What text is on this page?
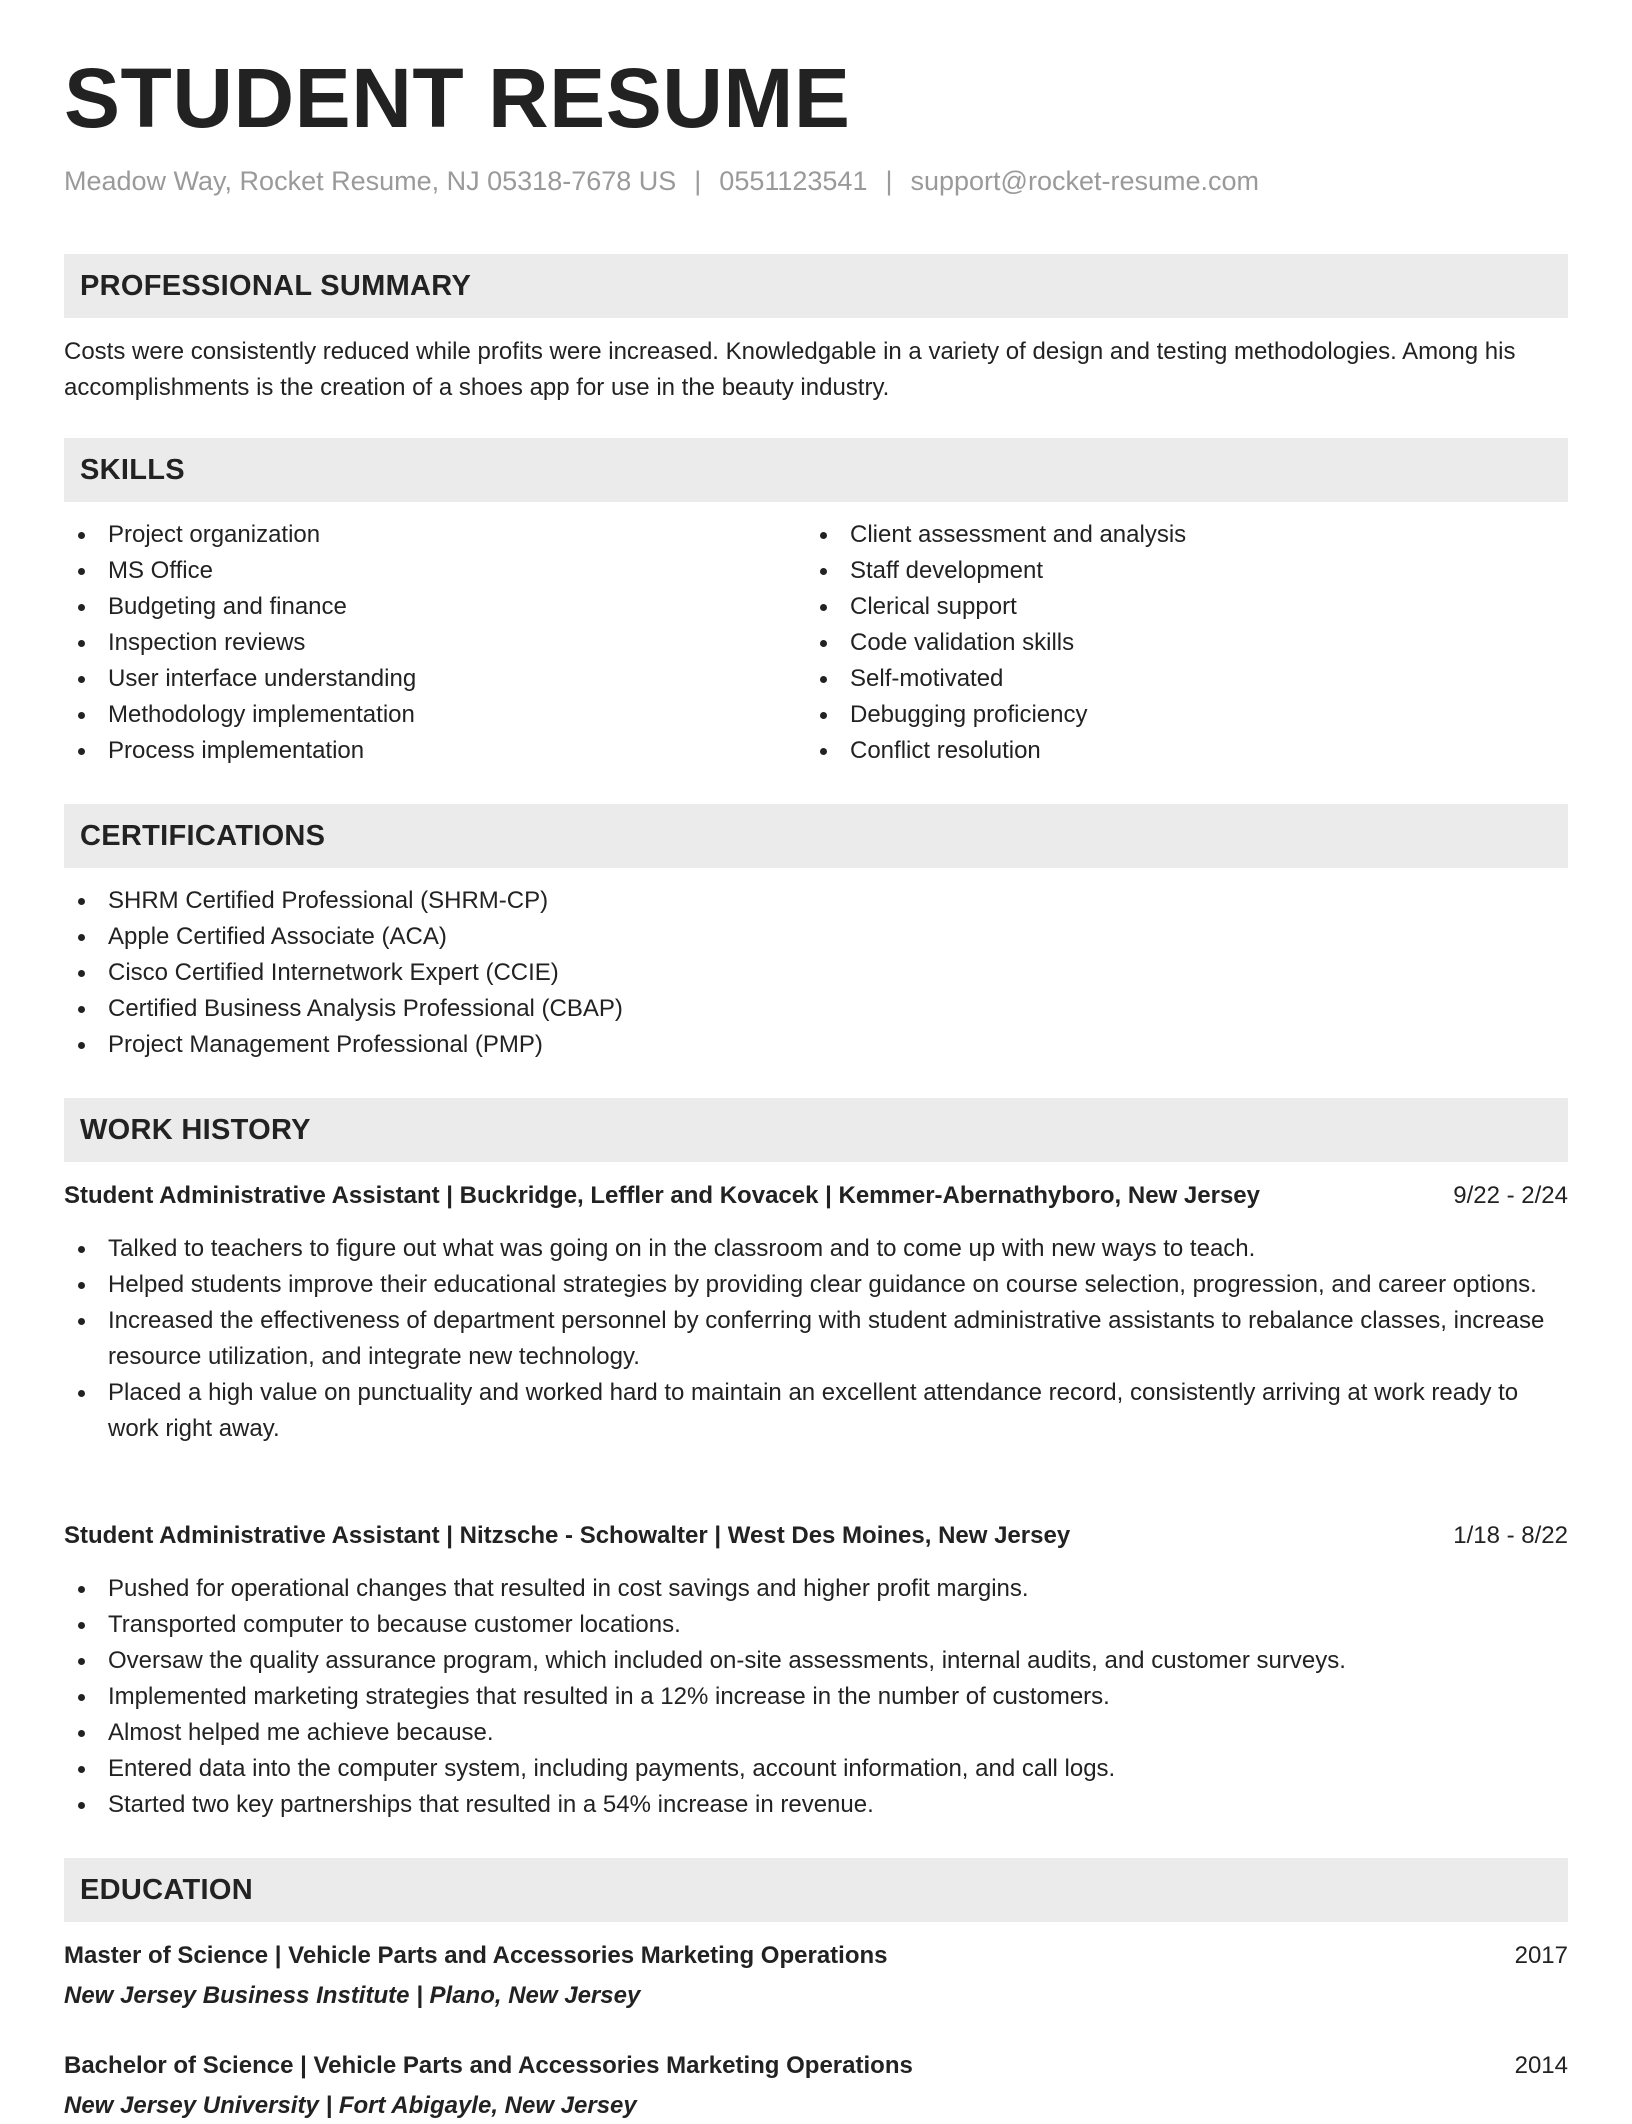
STUDENT RESUME
Meadow Way, Rocket Resume, NJ 05318-7678 US | 0551123541 | support@rocket-resume.com
PROFESSIONAL SUMMARY

Costs were consistently reduced while profits were increased. Knowledgable in a variety of design and testing methodologies. Among his accomplishments is the creation of a shoes app for use in the beauty industry.

SKILLS
Project organization
MS Office
Budgeting and finance
Inspection reviews
User interface understanding
Methodology implementation
Process implementation
Client assessment and analysis
Staff development
Clerical support
Code validation skills
Self-motivated
Debugging proficiency
Conflict resolution
CERTIFICATIONS
SHRM Certified Professional (SHRM-CP)
Apple Certified Associate (ACA)
Cisco Certified Internetwork Expert (CCIE)
Certified Business Analysis Professional (CBAP)
Project Management Professional (PMP)
WORK HISTORY
Student Administrative Assistant | Buckridge, Leffler and Kovacek | Kemmer-Abernathyboro, New Jersey	9/22 - 2/24
Talked to teachers to figure out what was going on in the classroom and to come up with new ways to teach.
Helped students improve their educational strategies by providing clear guidance on course selection, progression, and career options.
Increased the effectiveness of department personnel by conferring with student administrative assistants to rebalance classes, increase resource utilization, and integrate new technology.
Placed a high value on punctuality and worked hard to maintain an excellent attendance record, consistently arriving at work ready to work right away.
Student Administrative Assistant | Nitzsche - Schowalter | West Des Moines, New Jersey	1/18 - 8/22
Pushed for operational changes that resulted in cost savings and higher profit margins.
Transported computer to because customer locations.
Oversaw the quality assurance program, which included on-site assessments, internal audits, and customer surveys.
Implemented marketing strategies that resulted in a 12% increase in the number of customers.
Almost helped me achieve because.
Entered data into the computer system, including payments, account information, and call logs.
Started two key partnerships that resulted in a 54% increase in revenue.
EDUCATION
Master of Science | Vehicle Parts and Accessories Marketing Operations	2017
New Jersey Business Institute | Plano, New Jersey
Bachelor of Science | Vehicle Parts and Accessories Marketing Operations	2014
New Jersey University | Fort Abigayle, New Jersey
